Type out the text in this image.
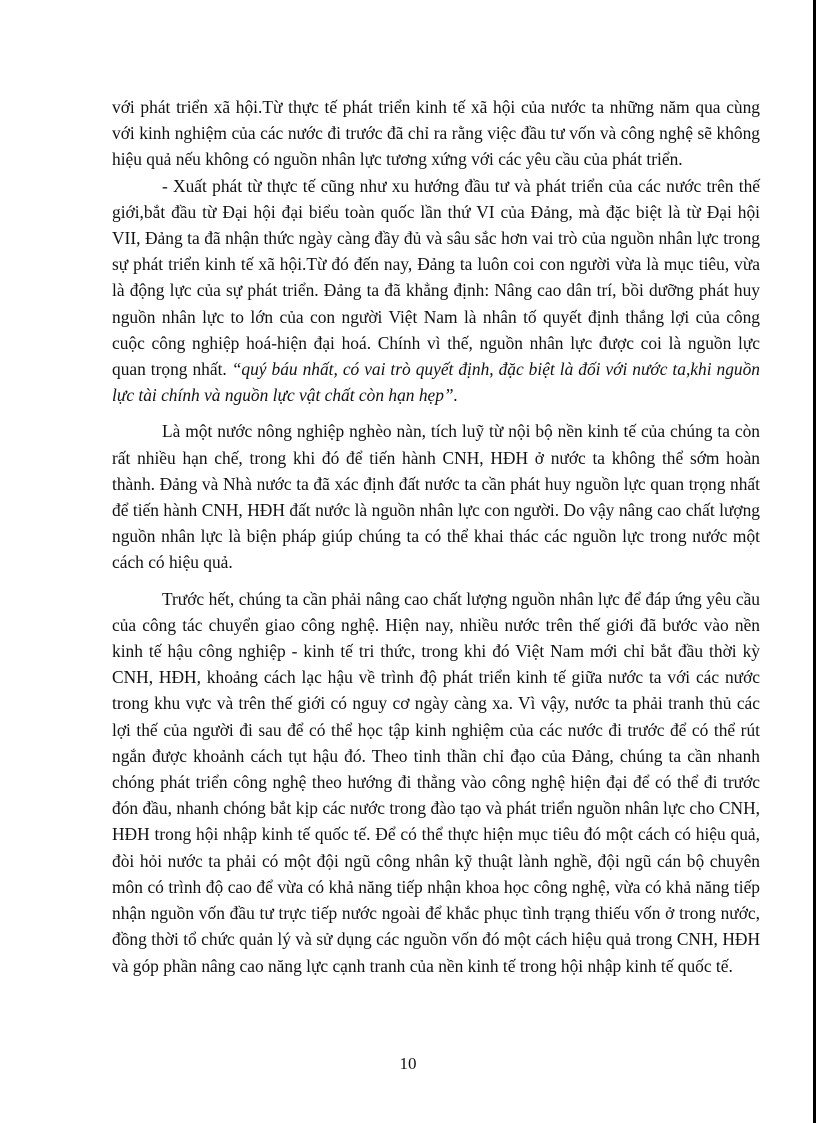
với phát triển xã hội.Từ thực tế phát triển kinh tế xã hội của nước ta những năm qua cùng với kinh nghiệm của các nước đi trước đã chỉ ra rằng việc đầu tư vốn và công nghệ sẽ không hiệu quả nếu không có nguồn nhân lực tương xứng với các yêu cầu của phát triển.

- Xuất phát từ thực tế cũng như xu hướng đầu tư và phát triển của các nước trên thế giới,bắt đầu từ Đại hội đại biểu toàn quốc lần thứ VI của Đảng, mà đặc biệt là từ Đại hội VII, Đảng ta đã nhận thức ngày càng đầy đủ và sâu sắc hơn vai trò của nguồn nhân lực trong sự phát triển kinh tế xã hội.Từ đó đến nay, Đảng ta luôn coi con người vừa là mục tiêu, vừa là động lực của sự phát triển. Đảng ta đã khẳng định: Nâng cao dân trí, bồi dưỡng phát huy nguồn nhân lực to lớn của con người Việt Nam là nhân tố quyết định thắng lợi của công cuộc công nghiệp hoá-hiện đại hoá. Chính vì thế, nguồn nhân lực được coi là nguồn lực quan trọng nhất. “quý báu nhất, có vai trò quyết định, đặc biệt là đối với nước ta,khi nguồn lực tài chính và nguồn lực vật chất còn hạn hẹp”.

Là một nước nông nghiệp nghèo nàn, tích luỹ từ nội bộ nền kinh tế của chúng ta còn rất nhiều hạn chế, trong khi đó để tiến hành CNH, HĐH ở nước ta không thể sớm hoàn thành. Đảng và Nhà nước ta đã xác định đất nước ta cần phát huy nguồn lực quan trọng nhất để tiến hành CNH, HĐH đất nước là nguồn nhân lực con người. Do vậy nâng cao chất lượng nguồn nhân lực là biện pháp giúp chúng ta có thể khai thác các nguồn lực trong nước một cách có hiệu quả.

Trước hết, chúng ta cần phải nâng cao chất lượng nguồn nhân lực để đáp ứng yêu cầu của công tác chuyển giao công nghệ. Hiện nay, nhiều nước trên thế giới đã bước vào nền kinh tế hậu công nghiệp - kinh tế tri thức, trong khi đó Việt Nam mới chỉ bắt đầu thời kỳ CNH, HĐH, khoảng cách lạc hậu về trình độ phát triển kinh tế giữa nước ta với các nước trong khu vực và trên thế giới có nguy cơ ngày càng xa. Vì vậy, nước ta phải tranh thủ các lợi thế của người đi sau để có thể học tập kinh nghiệm của các nước đi trước để có thể rút ngắn được khoảnh cách tụt hậu đó. Theo tinh thần chỉ đạo của Đảng, chúng ta cần nhanh chóng phát triển công nghệ theo hướng đi thẳng vào công nghệ hiện đại để có thể đi trước đón đầu, nhanh chóng bắt kịp các nước trong đào tạo và phát triển nguồn nhân lực cho CNH, HĐH trong hội nhập kinh tế quốc tế. Để có thể thực hiện mục tiêu đó một cách có hiệu quả, đòi hỏi nước ta phải có một đội ngũ công nhân kỹ thuật lành nghề, đội ngũ cán bộ chuyên môn có trình độ cao để vừa có khả năng tiếp nhận khoa học công nghệ, vừa có khả năng tiếp nhận nguồn vốn đầu tư trực tiếp nước ngoài để khắc phục tình trạng thiếu vốn ở trong nước, đồng thời tổ chức quản lý và sử dụng các nguồn vốn đó một cách hiệu quả trong CNH, HĐH và góp phần nâng cao năng lực cạnh tranh của nền kinh tế trong hội nhập kinh tế quốc tế.

10
